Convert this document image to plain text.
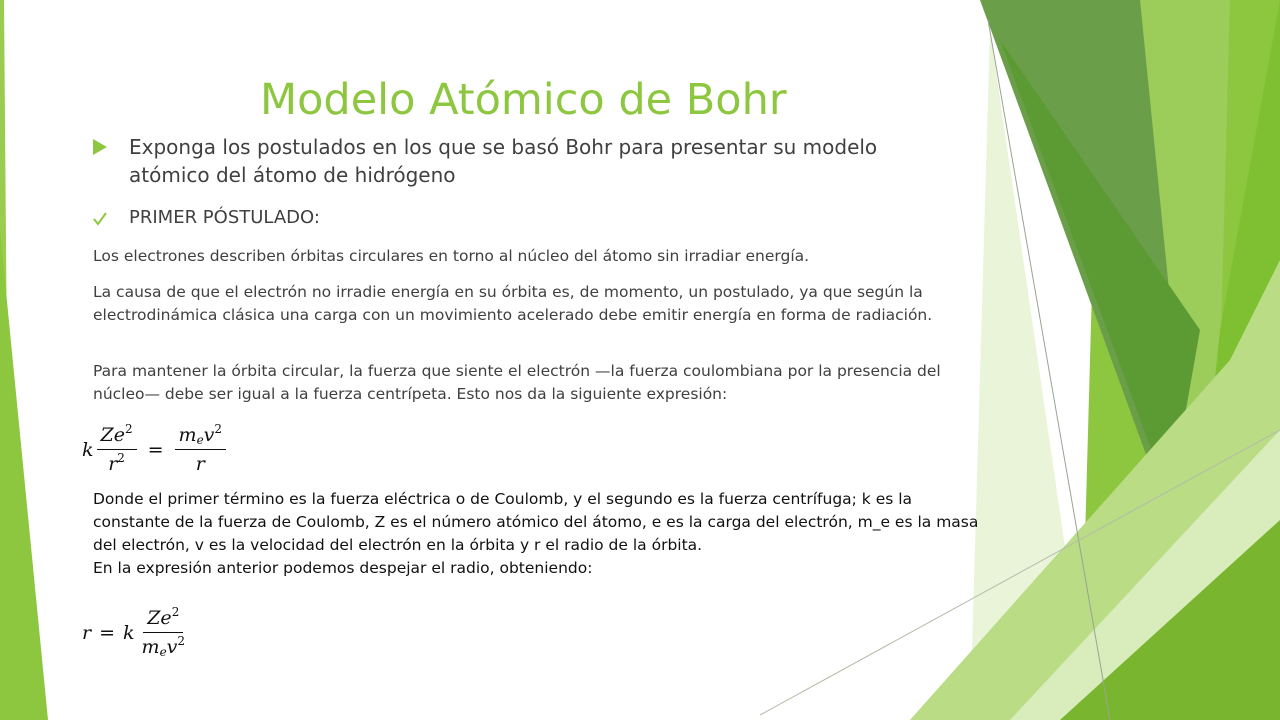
Modelo Atómico de Bohr
Exponga los postulados en los que se basó Bohr para presentar su modelo atómico del átomo de hidrógeno
PRIMER PÓSTULADO:

Los electrones describen órbitas circulares en torno al núcleo del átomo sin irradiar energía.

La causa de que el electrón no irradie energía en su órbita es, de momento, un postulado, ya que según la electrodinámica clásica una carga con un movimiento acelerado debe emitir energía en forma de radiación.

Para mantener la órbita circular, la fuerza que siente el electrón —la fuerza coulombiana por la presencia del núcleo— debe ser igual a la fuerza centrípeta. Esto nos da la siguiente expresión:

k $\frac{Ze^2}{r^2} = \frac{m_ev^2}{r}$

Donde el primer término es la fuerza eléctrica o de Coulomb, y el segundo es la fuerza centrífuga; k es la constante de la fuerza de Coulomb, Z es el número atómico del átomo, e es la carga del electrón, m_e es la masa del electrón, v es la velocidad del electrón en la órbita y r el radio de la órbita.
En la expresión anterior podemos despejar el radio, obteniendo:

r = k $\frac{Ze^2}{m_ev^2}$
